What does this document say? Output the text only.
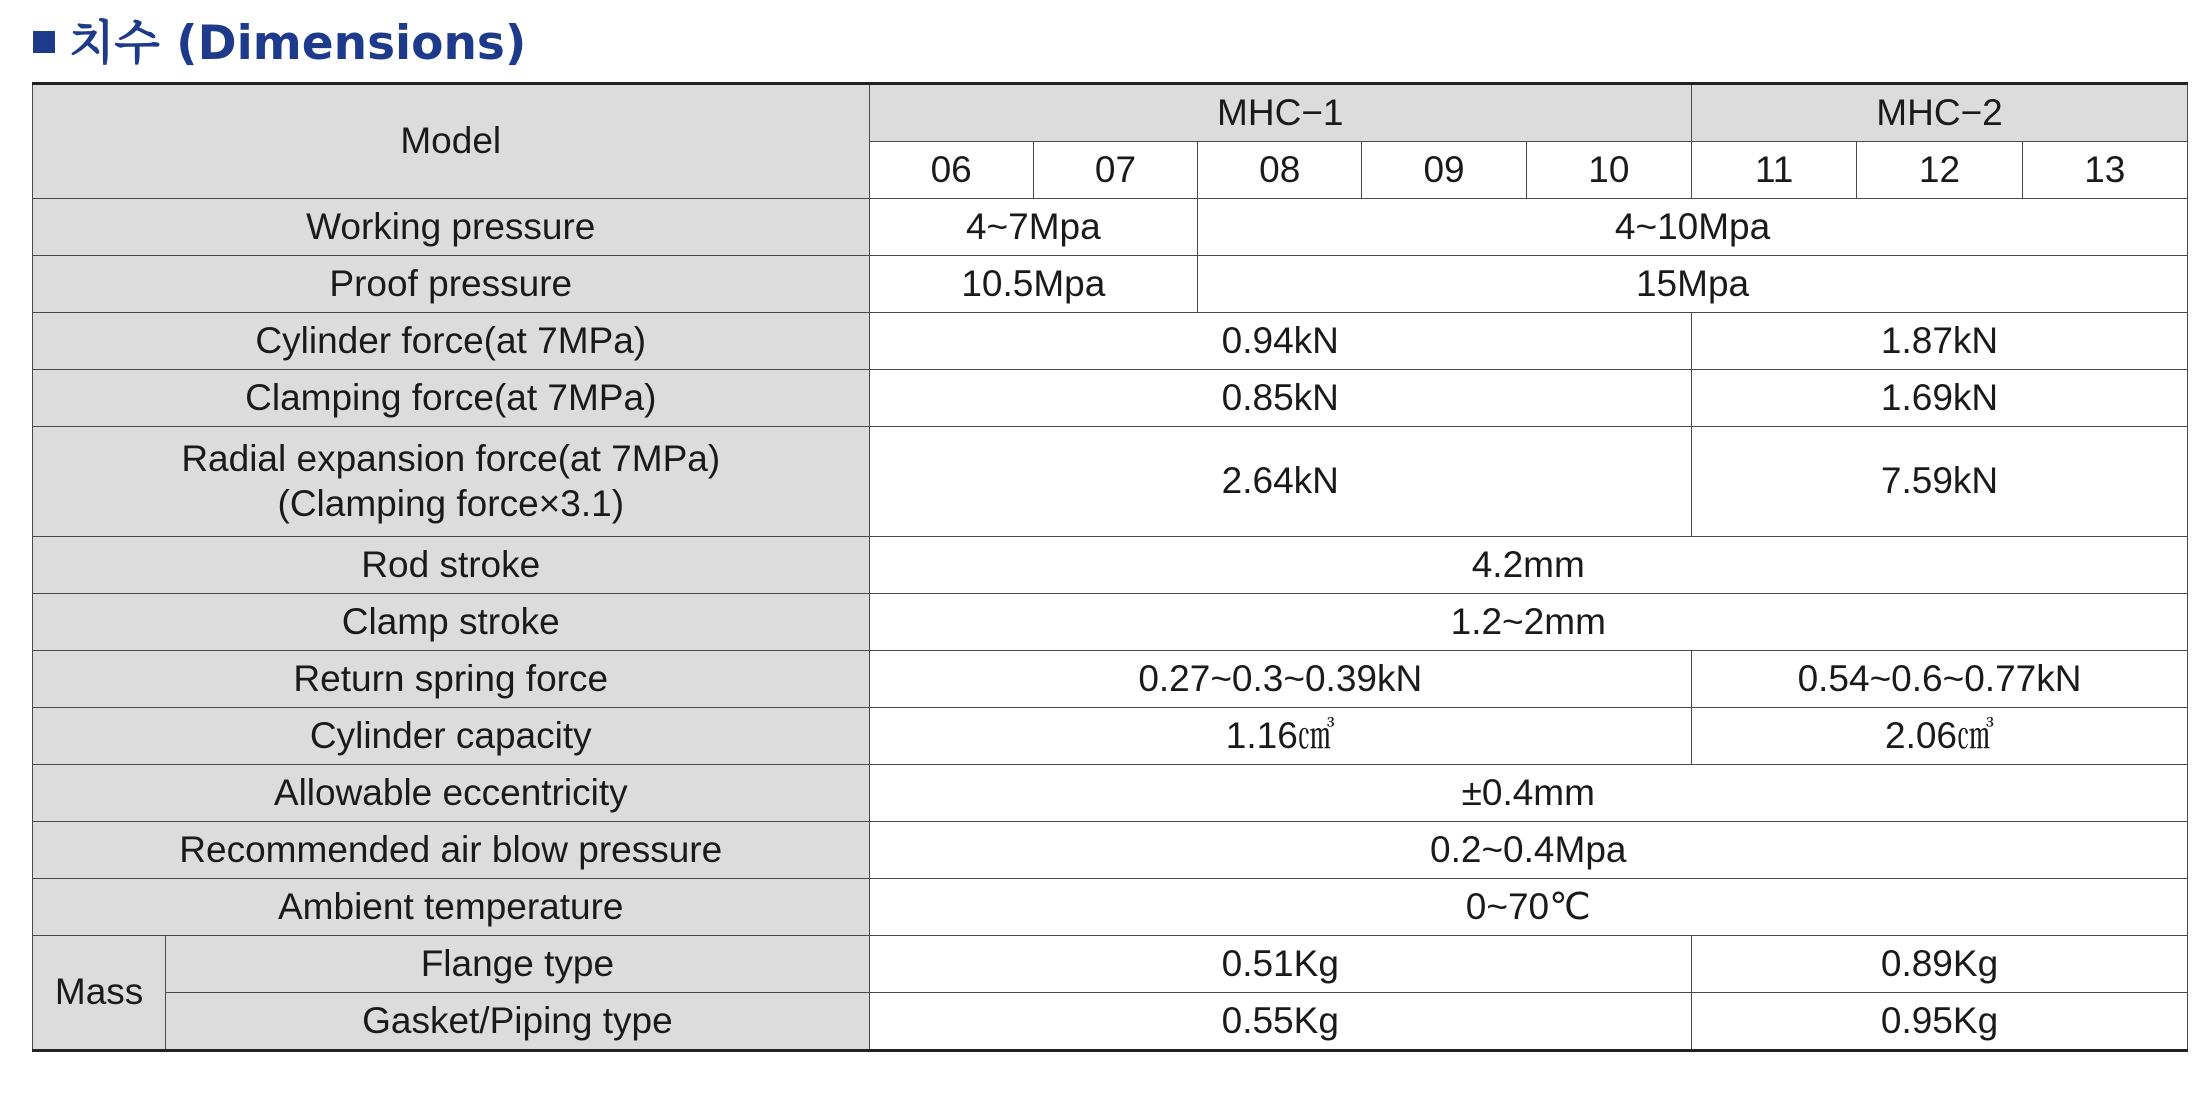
치수 (Dimensions)
Model		MHC−1					MHC−2		
		06	07	08	09	10	11	12	13
Working pressure		4~7Mpa		4~10Mpa					
Proof pressure		10.5Mpa		15Mpa					
Cylinder force(at 7MPa)		0.94kN					1.87kN		
Clamping force(at 7MPa)		0.85kN					1.69kN		

Radial expansion force(at 7MPa)
(Clamping force×3.1)		2.64kN					7.59kN		
Rod stroke		4.2mm							
Clamp stroke		1.2~2mm							
Return spring force		0.27~0.3~0.39kN					0.54~0.6~0.77kN		
Cylinder capacity		1.16㎤					2.06㎤		
Allowable eccentricity		±0.4mm							
Recommended air blow pressure		0.2~0.4Mpa							
Ambient temperature		0~70℃							
Mass	Flange type	0.51Kg					0.89Kg		
	Gasket/Piping type	0.55Kg					0.95Kg		
